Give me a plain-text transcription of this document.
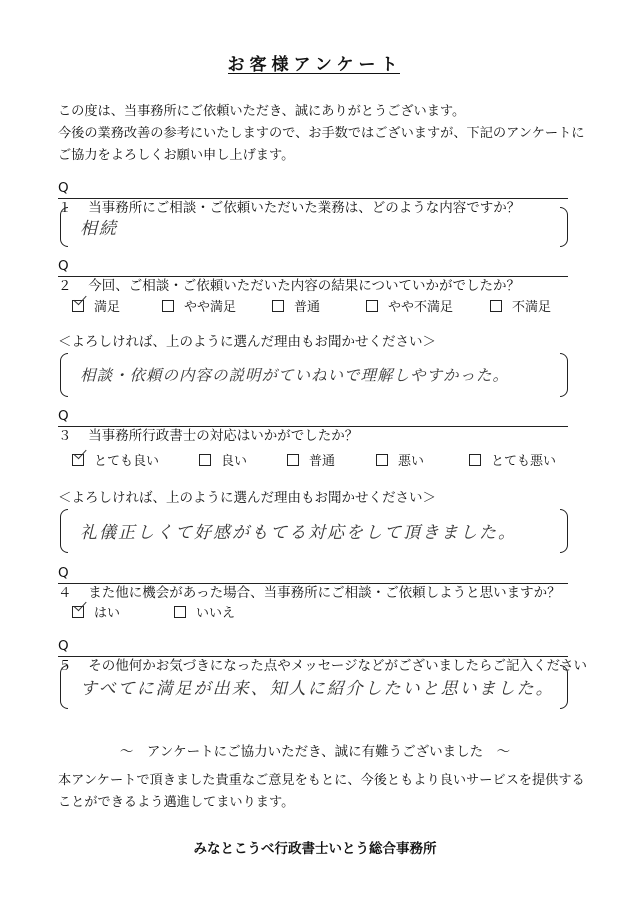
お客様アンケート
この度は、当事務所にご依頼いただき、誠にありがとうございます。
今後の業務改善の参考にいたしますので、お手数ではございますが、下記のアンケートに
ご協力をよろしくお願い申し上げます。
Q１ 当事務所にご相談・ご依頼いただいた業務は、どのような内容ですか？
相続
Q２ 今回、ご相談・ご依頼いただいた内容の結果についていかがでしたか？
満足	やや満足	普通	やや不満足	不満足
＜よろしければ、上のように選んだ理由もお聞かせください＞
相談・依頼の内容の説明がていねいで理解しやすかった。
Q３ 当事務所行政書士の対応はいかがでしたか？
とても良い	良い	普通	悪い	とても悪い
＜よろしければ、上のように選んだ理由もお聞かせください＞
礼儀正しくて好感がもてる対応をして頂きました。
Q４ また他に機会があった場合、当事務所にご相談・ご依頼しようと思いますか？
はい	いいえ
Q５ その他何かお気づきになった点やメッセージなどがございましたらご記入ください
すべてに満足が出来、知人に紹介したいと思いました。
～　アンケートにご協力いただき、誠に有難うございました　～
本アンケートで頂きました貴重なご意見をもとに、今後ともより良いサービスを提供する
ことができるよう邁進してまいります。
みなとこうべ行政書士いとう総合事務所
